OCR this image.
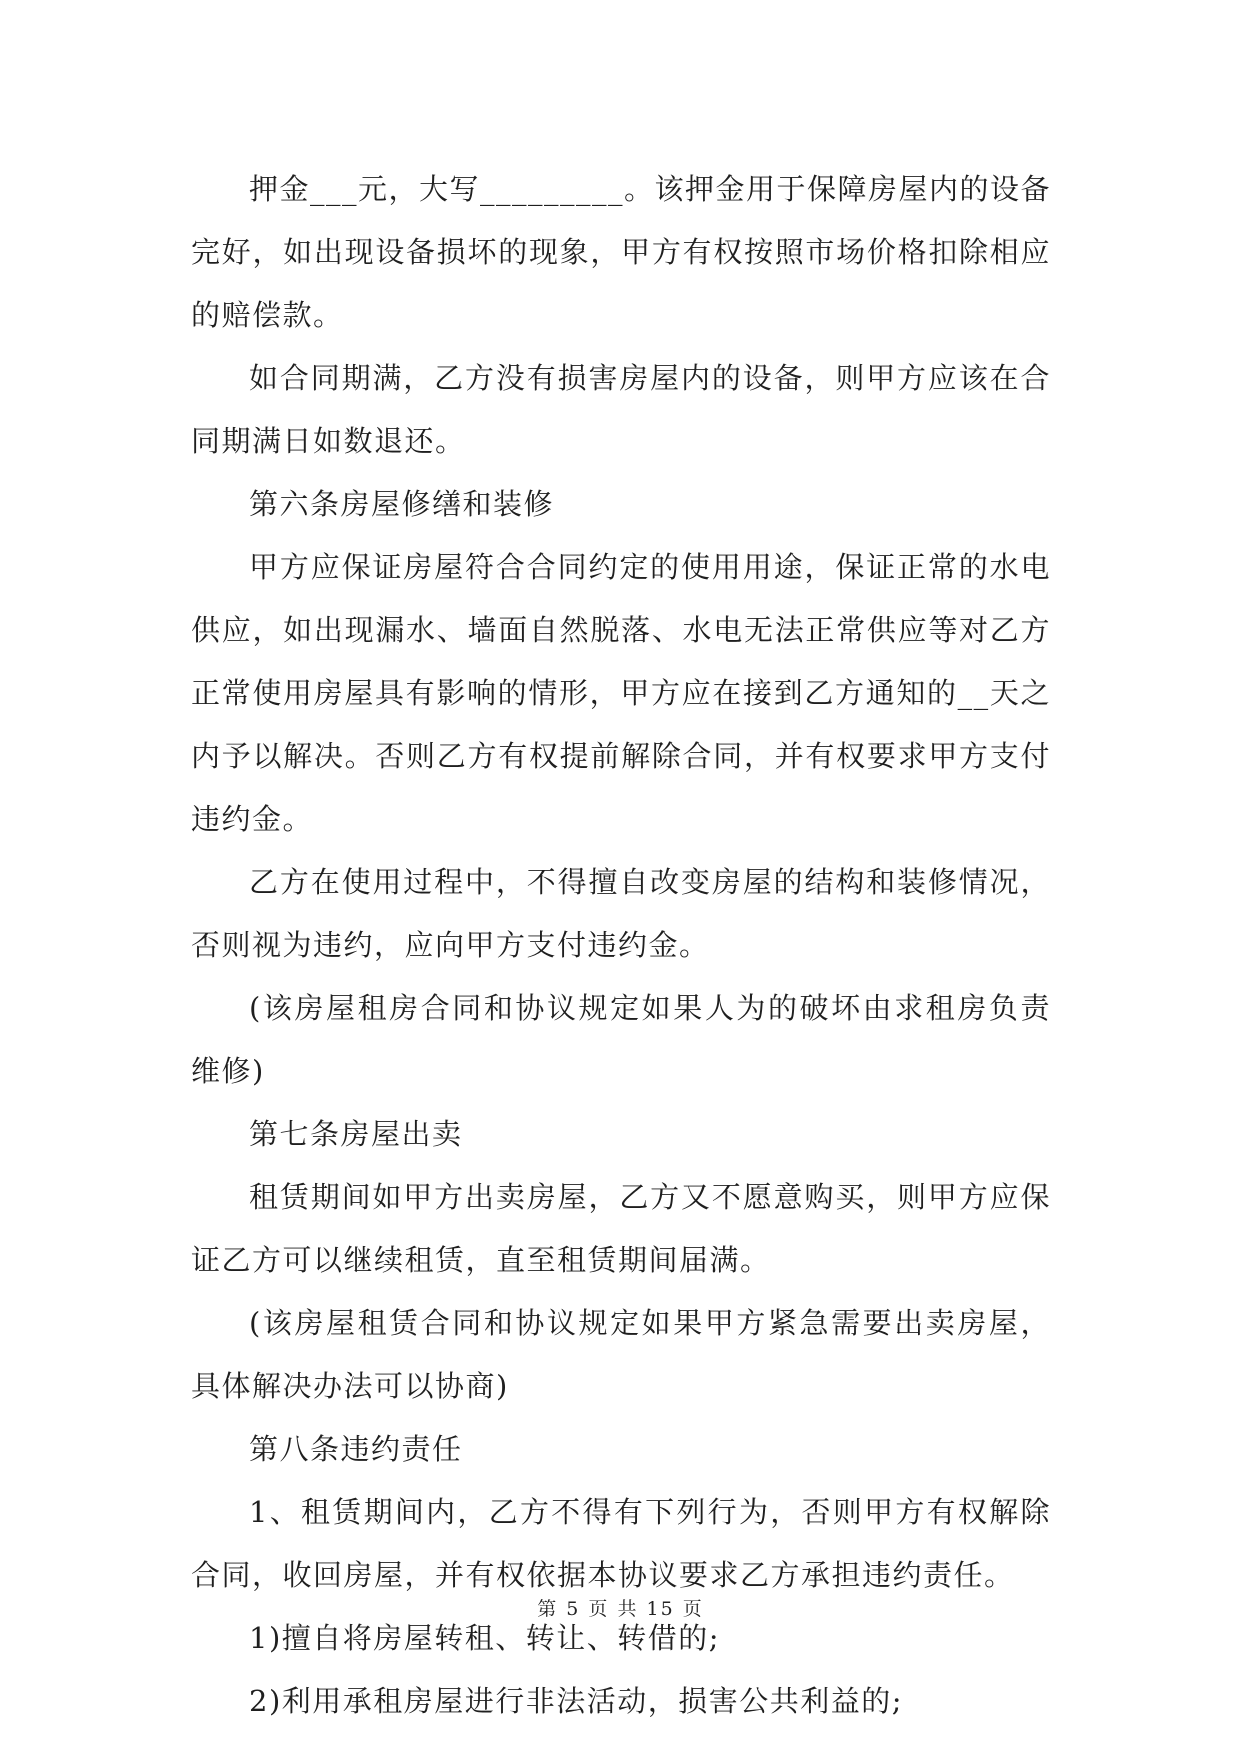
押金___元，大写_________。该押金用于保障房屋内的设备完好，如出现设备损坏的现象，甲方有权按照市场价格扣除相应的赔偿款。

如合同期满，乙方没有损害房屋内的设备，则甲方应该在合同期满日如数退还。

第六条房屋修缮和装修

甲方应保证房屋符合合同约定的使用用途，保证正常的水电供应，如出现漏水、墙面自然脱落、水电无法正常供应等对乙方正常使用房屋具有影响的情形，甲方应在接到乙方通知的__天之内予以解决。否则乙方有权提前解除合同，并有权要求甲方支付违约金。

乙方在使用过程中，不得擅自改变房屋的结构和装修情况，否则视为违约，应向甲方支付违约金。

(该房屋租房合同和协议规定如果人为的破坏由求租房负责维修)

第七条房屋出卖

租赁期间如甲方出卖房屋，乙方又不愿意购买，则甲方应保证乙方可以继续租赁，直至租赁期间届满。

(该房屋租赁合同和协议规定如果甲方紧急需要出卖房屋，具体解决办法可以协商)

第八条违约责任

1、租赁期间内，乙方不得有下列行为，否则甲方有权解除合同，收回房屋，并有权依据本协议要求乙方承担违约责任。

1)擅自将房屋转租、转让、转借的;

2)利用承租房屋进行非法活动，损害公共利益的;

第 5 页 共 15 页
